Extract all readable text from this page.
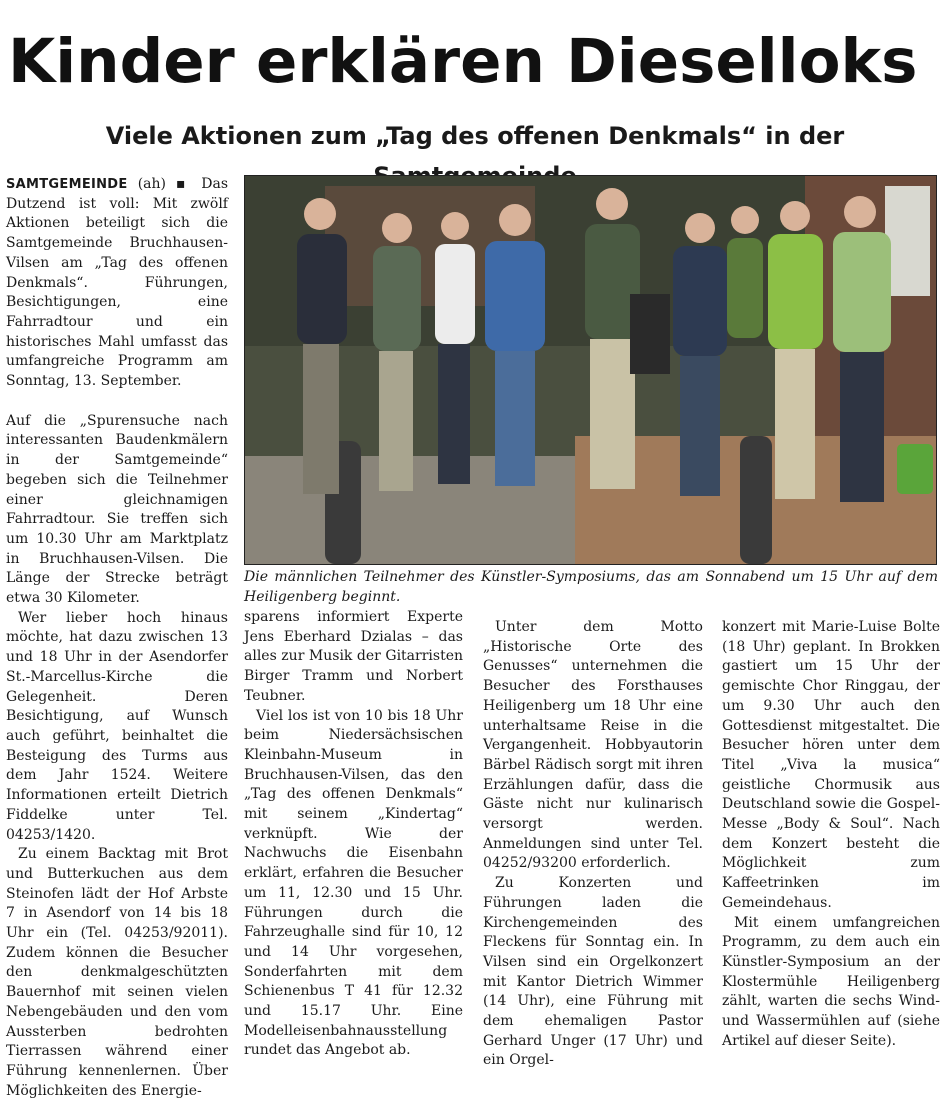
Kinder erklären Dieselloks
Viele Aktionen zum „Tag des offenen Denkmals“ in der

SAMTGEMEINDE (ah) ▪ Das Dutzend ist voll: Mit zwölf Aktionen beteiligt sich die Samtgemeinde Bruchhausen-Vilsen am „Tag des offenen Denkmals“. Führungen, Besichtigungen, eine Fahrradtour und ein historisches Mahl umfasst das umfangreiche Programm am Sonntag, 13. September.

Auf die „Spurensuche nach interessanten Baudenkmälern in der Samtgemeinde“ begeben sich die Teilnehmer einer gleichnamigen Fahrradtour. Sie treffen sich um 10.30 Uhr am Marktplatz in Bruchhausen-Vilsen. Die Länge der Strecke beträgt etwa 30 Kilometer.

Wer lieber hoch hinaus möchte, hat dazu zwischen 13 und 18 Uhr in der Asendorfer St.-Marcellus-Kirche die Gelegenheit. Deren Besichtigung, auf Wunsch auch geführt, beinhaltet die Besteigung des Turms aus dem Jahr 1524. Weitere Informationen erteilt Dietrich Fiddelke unter Tel. 04253/1420.

Zu einem Backtag mit Brot und Butterkuchen aus dem Steinofen lädt der Hof Arbste 7 in Asendorf von 14 bis 18 Uhr ein (Tel. 04253/92011). Zudem können die Besucher den denkmalgeschützten Bauernhof mit seinen vielen Nebengebäuden und den vom Aussterben bedrohten Tierrassen während einer Führung kennenlernen. Über Möglichkeiten des Energie-

Die männlichen Teilnehmer des Künstler-Symposiums, das am Sonnabend um 15 Uhr auf dem Heiligenberg beginnt.

sparens informiert Experte Jens Eberhard Dzialas – das alles zur Musik der Gitarristen Birger Tramm und Norbert Teubner.

Viel los ist von 10 bis 18 Uhr beim Niedersächsischen Kleinbahn-Museum in Bruchhausen-Vilsen, das den „Tag des offenen Denkmals“ mit seinem „Kindertag“ verknüpft. Wie der Nachwuchs die Eisenbahn erklärt, erfahren die Besucher um 11, 12.30 und 15 Uhr. Führungen durch die Fahrzeughalle sind für 10, 12 und 14 Uhr vorgesehen, Sonderfahrten mit dem Schienenbus T 41 für 12.32 und 15.17 Uhr. Eine Modelleisenbahnausstellung rundet das Angebot ab.

Unter dem Motto „Historische Orte des Genusses“ unternehmen die Besucher des Forsthauses Heiligenberg um 18 Uhr eine unterhaltsame Reise in die Vergangenheit. Hobbyautorin Bärbel Rädisch sorgt mit ihren Erzählungen dafür, dass die Gäste nicht nur kulinarisch versorgt werden. Anmeldungen sind unter Tel. 04252/93200 erforderlich.

Zu Konzerten und Führungen laden die Kirchengemeinden des Fleckens für Sonntag ein. In Vilsen sind ein Orgelkonzert mit Kantor Dietrich Wimmer (14 Uhr), eine Führung mit dem ehemaligen Pastor Gerhard Unger (17 Uhr) und ein Orgel-

konzert mit Marie-Luise Bolte (18 Uhr) geplant. In Brokken gastiert um 15 Uhr der gemischte Chor Ringgau, der um 9.30 Uhr auch den Gottesdienst mitgestaltet. Die Besucher hören unter dem Titel „Viva la musica“ geistliche Chormusik aus Deutschland sowie die Gospel-Messe „Body & Soul“. Nach dem Konzert besteht die Möglichkeit zum Kaffeetrinken im Gemeindehaus.

Mit einem umfangreichen Programm, zu dem auch ein Künstler-Symposium an der Klostermühle Heiligenberg zählt, warten die sechs Wind- und Wassermühlen auf (siehe Artikel auf dieser Seite).
